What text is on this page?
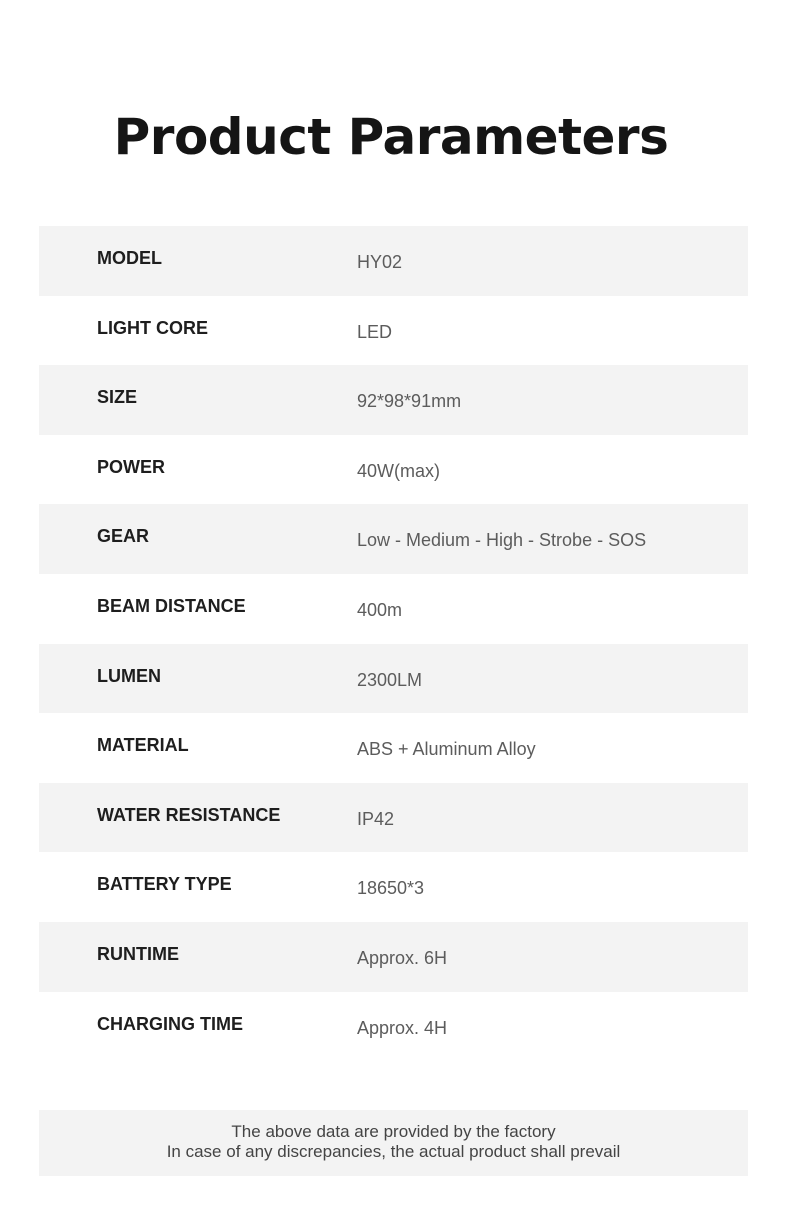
Product Parameters
MODEL	HY02
LIGHT CORE	LED
SIZE	92*98*91mm
POWER	40W(max)
GEAR	Low - Medium - High - Strobe - SOS
BEAM DISTANCE	400m
LUMEN	2300LM
MATERIAL	ABS + Aluminum Alloy
WATER RESISTANCE	IP42
BATTERY TYPE	18650*3
RUNTIME	Approx. 6H
CHARGING TIME	Approx. 4H
The above data are provided by the factory
In case of any discrepancies, the actual product shall prevail
